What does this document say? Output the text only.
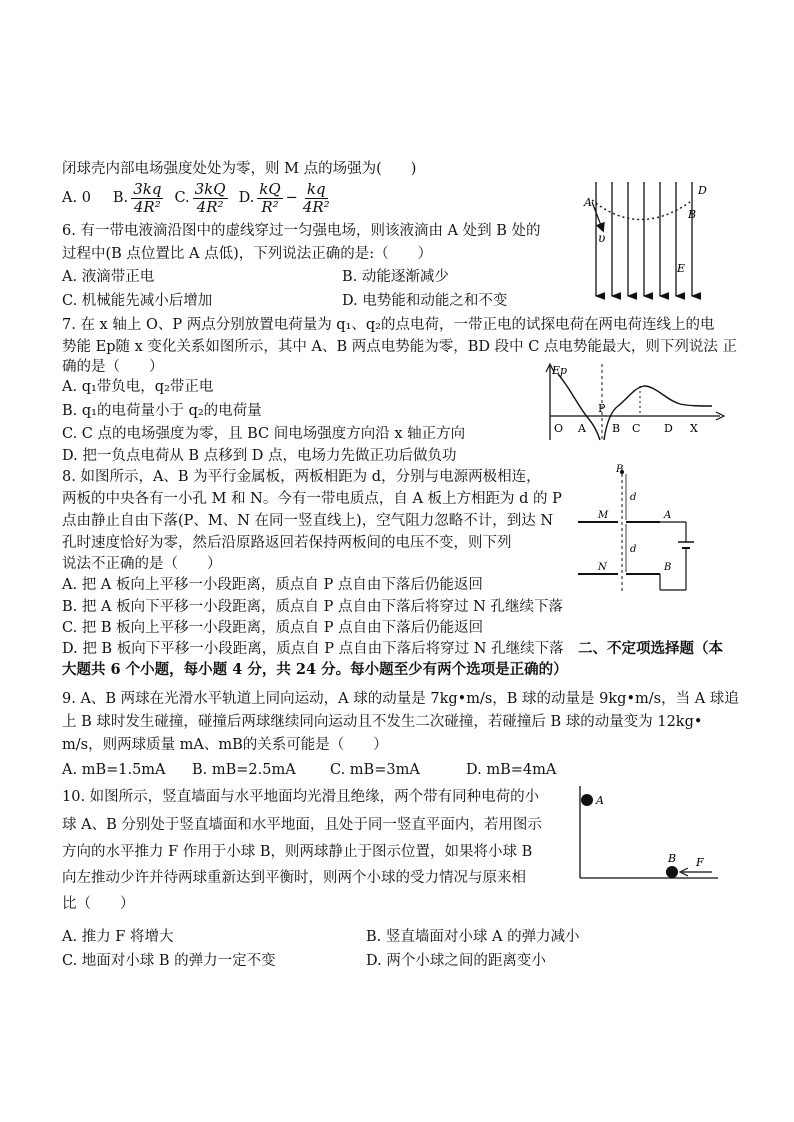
闭球壳内部电场强度处处为零，则 M 点的场强为(　　)
A. 0 B. $\frac{3kq}{\text{4R²}} C$. $\frac{3kQ}{\text{4R²}} D$. $\frac{kQ}{\text{R²}} - \frac{kq}{\text{4R²}}$
6. 有一带电液滴沿图中的虚线穿过一匀强电场，则该液滴由 A 处到 B 处的
过程中(B 点位置比 A 点低)，下列说法正确的是:（　　）
A. 液滴带正电	B. 动能逐渐减少
C. 机械能先减小后增加	D. 电势能和动能之和不变
A
D
B
υ
E
7. 在 x 轴上 O、P 两点分别放置电荷量为 q₁、q₂的点电荷，一带正电的试探电荷在两电荷连线上的电
势能 Ep随 x 变化关系如图所示，其中 A、B 两点电势能为零，BD 段中 C 点电势能最大，则下列说法 正
确的是（　　）
A. q₁带负电，q₂带正电
B. q₁的电荷量小于 q₂的电荷量
C. C 点的电场强度为零，且 BC 间电场强度方向沿 x 轴正方向
D. 把一负点电荷从 B 点移到 D 点，电场力先做正功后做负功
Ep
O A
P
B C D X
8. 如图所示，A、B 为平行金属板，两板相距为 d，分别与电源两极相连，
两板的中央各有一小孔 M 和 N。今有一带电质点，自 A 板上方相距为 d 的 P
点由静止自由下落(P、M、N 在同一竖直线上)，空气阻力忽略不计，到达 N
孔时速度恰好为零，然后沿原路返回若保持两板间的电压不变，则下列
说法不正确的是（　　）
A. 把 A 板向上平移一小段距离，质点自 P 点自由下落后仍能返回
B. 把 A 板向下平移一小段距离，质点自 P 点自由下落后将穿过 N 孔继续下落
C. 把 B 板向上平移一小段距离，质点自 P 点自由下落后仍能返回
D. 把 B 板向下平移一小段距离，质点自 P 点自由下落后将穿过 N 孔继续下落
P
M
N
A
B
d
d
二、不定项选择题（本
大题共 6 个小题，每小题 4 分，共 24 分。每小题至少有两个选项是正确的）
9. A、B 两球在光滑水平轨道上同向运动，A 球的动量是 7kg•m/s，B 球的动量是 9kg•m/s，当 A 球追
上 B 球时发生碰撞，碰撞后两球继续同向运动且不发生二次碰撞，若碰撞后 B 球的动量变为 12kg•
m/s，则两球质量 mA、mB的关系可能是（　　）
A. mB=1.5mA B. mB=2.5mA C. mB=3mA	D. mB=4mA
10. 如图所示，竖直墙面与水平地面均光滑且绝缘，两个带有同种电荷的小
球 A、B 分别处于竖直墙面和水平地面，且处于同一竖直平面内，若用图示
方向的水平推力 F 作用于小球 B，则两球静止于图示位置，如果将小球 B
向左推动少许并待两球重新达到平衡时，则两个小球的受力情况与原来相
比（　　）
A. 推力 F 将增大	B. 竖直墙面对小球 A 的弹力减小
C. 地面对小球 B 的弹力一定不变	D. 两个小球之间的距离变小
A
B F
